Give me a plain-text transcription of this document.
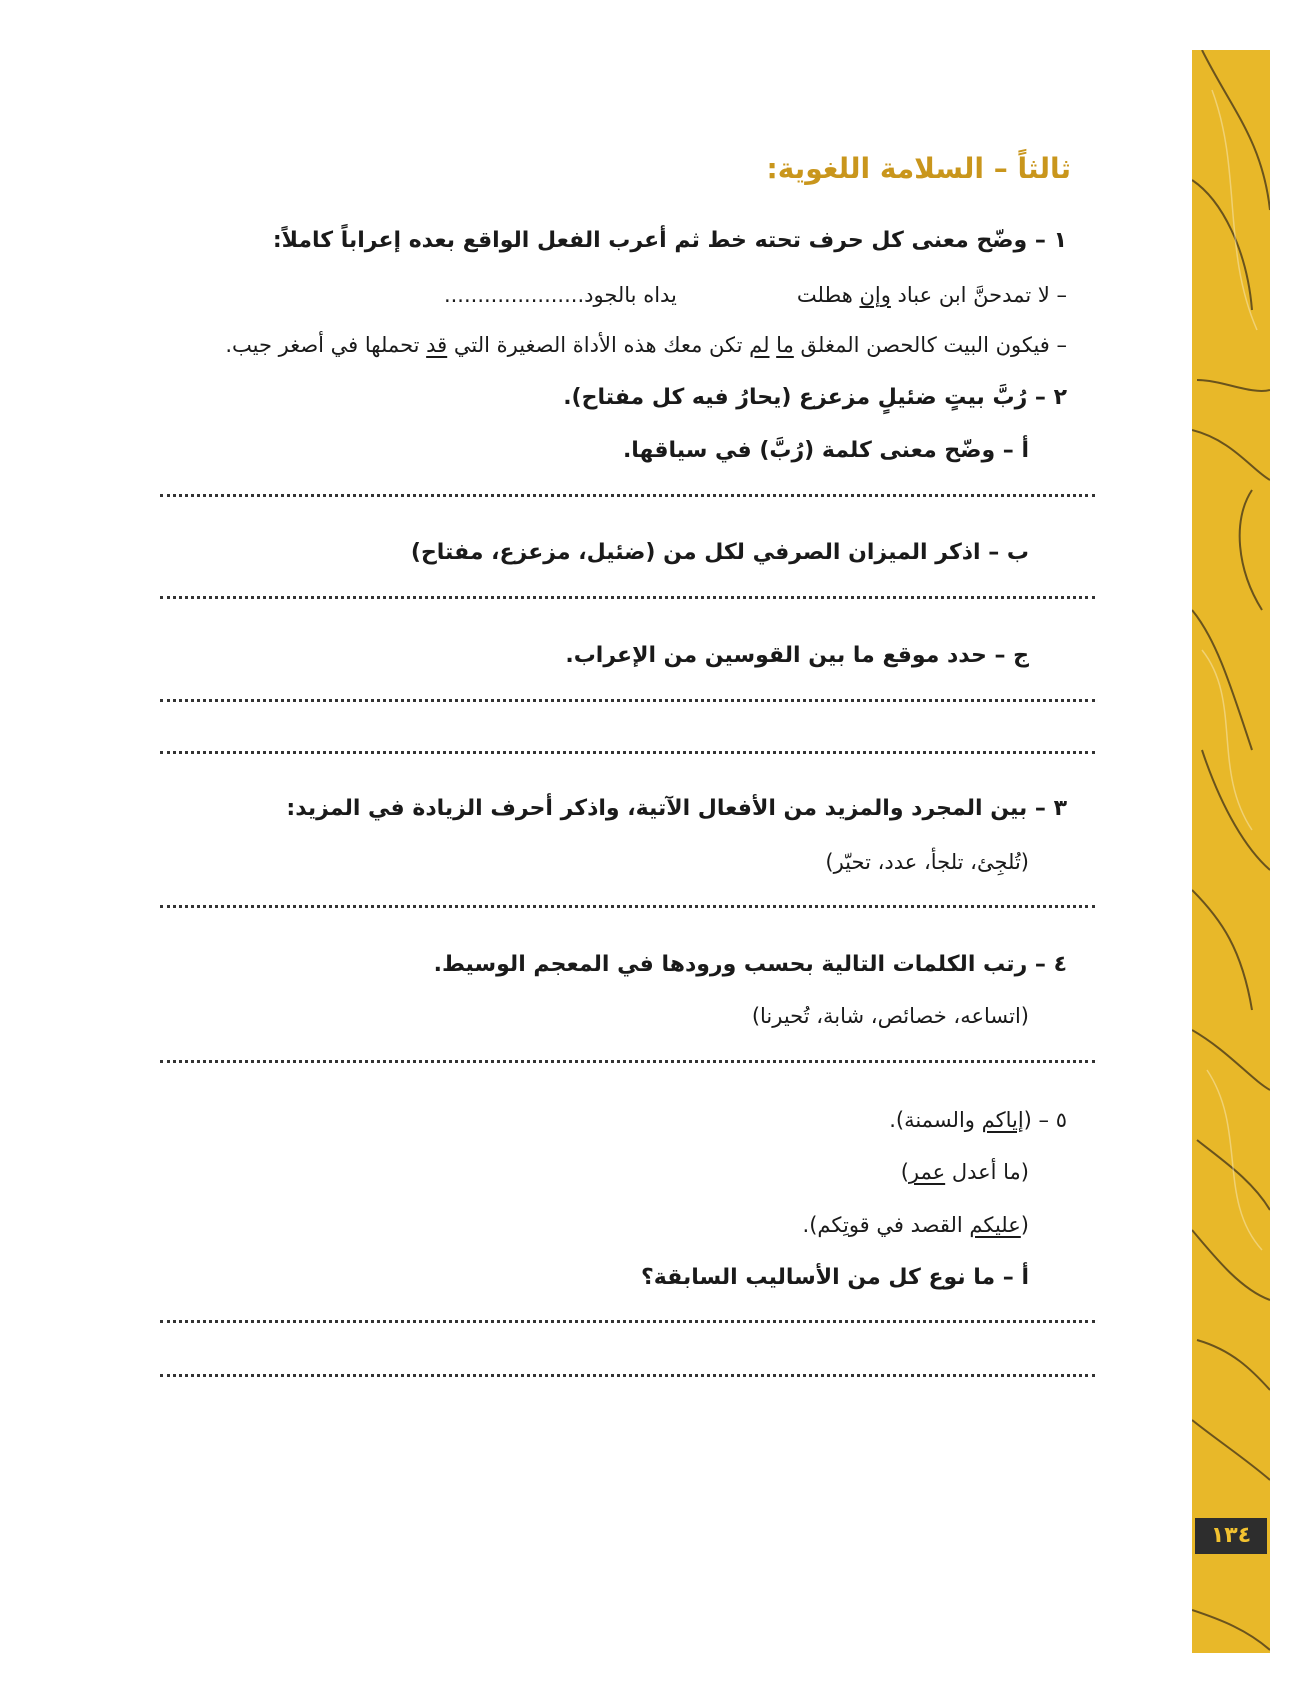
١٣٤
ثالثاً – السلامة اللغوية:
١ – وضّح معنى كل حرف تحته خط ثم أعرب الفعل الواقع بعده إعراباً كاملاً:
– لا تمدحنَّ ابن عباد وإن هطلتيداه بالجود.....................
– فيكون البيت كالحصن المغلق ما لم تكن معك هذه الأداة الصغيرة التي قد تحملها في أصغر جيب.
٢ – رُبَّ بيتٍ ضئيلٍ مزعزع (يحارُ فيه كل مفتاح).
أ – وضّح معنى كلمة (رُبَّ) في سياقها.
ب – اذكر الميزان الصرفي لكل من (ضئيل، مزعزع، مفتاح)
ج – حدد موقع ما بين القوسين من الإعراب.
٣ – بين المجرد والمزيد من الأفعال الآتية، واذكر أحرف الزيادة في المزيد:
(تُلجِئ، تلجأ، عدد، تحيّر)
٤ – رتب الكلمات التالية بحسب ورودها في المعجم الوسيط.
(اتساعه، خصائص، شابة، تُحيرنا)
٥ – (إياكم والسمنة).
(ما أعدل عمر)
(عليكم القصد في قوتِكم).
أ – ما نوع كل من الأساليب السابقة؟
